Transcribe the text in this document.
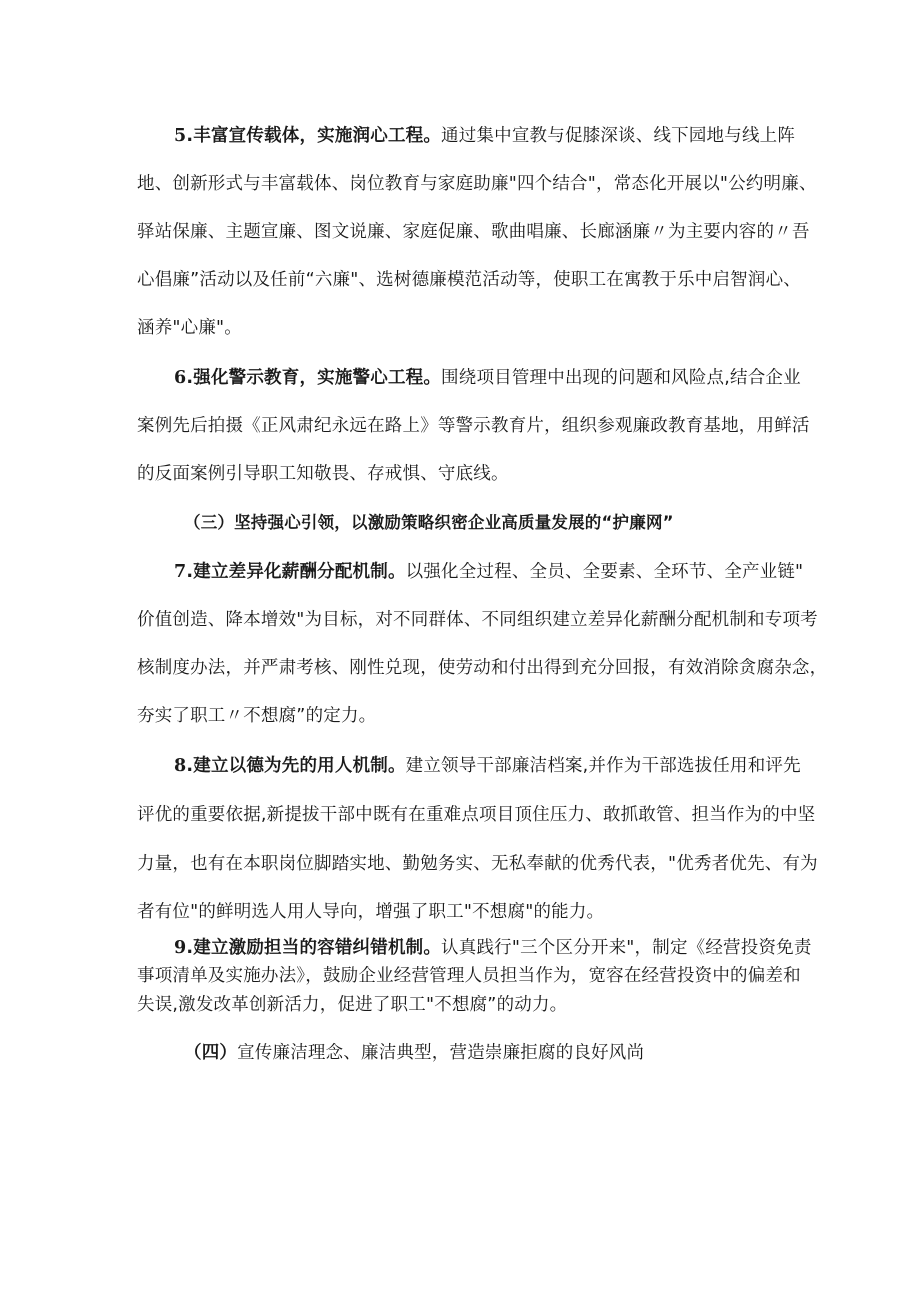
5.丰富宣传载体，实施润心工程。通过集中宣教与促膝深谈、线下园地与线上阵
地、创新形式与丰富载体、岗位教育与家庭助廉"四个结合"，常态化开展以"公约明廉、
驿站保廉、主题宣廉、图文说廉、家庭促廉、歌曲唱廉、长廊涵廉〃为主要内容的〃吾
心倡廉”活动以及任前“六廉"、选树德廉模范活动等，使职工在寓教于乐中启智润心、
涵养"心廉"。
6.强化警示教育，实施警心工程。围绕项目管理中出现的问题和风险点,结合企业
案例先后拍摄《正风肃纪永远在路上》等警示教育片，组织参观廉政教育基地，用鲜活
的反面案例引导职工知敬畏、存戒惧、守底线。
（三）坚持强心引领，以激励策略织密企业高质量发展的“护廉网”
7.建立差异化薪酬分配机制。以强化全过程、全员、全要素、全环节、全产业链"
价值创造、降本增效"为目标，对不同群体、不同组织建立差异化薪酬分配机制和专项考
核制度办法，并严肃考核、刚性兑现，使劳动和付出得到充分回报，有效消除贪腐杂念，
夯实了职工〃不想腐”的定力。
8.建立以德为先的用人机制。建立领导干部廉洁档案,并作为干部选拔任用和评先
评优的重要依据,新提拔干部中既有在重难点项目顶住压力、敢抓敢管、担当作为的中坚
力量，也有在本职岗位脚踏实地、勤勉务实、无私奉献的优秀代表，"优秀者优先、有为
者有位"的鲜明选人用人导向，增强了职工"不想腐"的能力。
9.建立激励担当的容错纠错机制。认真践行"三个区分开来"，制定《经营投资免责
事项清单及实施办法》，鼓励企业经营管理人员担当作为，宽容在经营投资中的偏差和
失误,激发改革创新活力，促进了职工"不想腐”的动力。
（四）宣传廉洁理念、廉洁典型，营造崇廉拒腐的良好风尚
